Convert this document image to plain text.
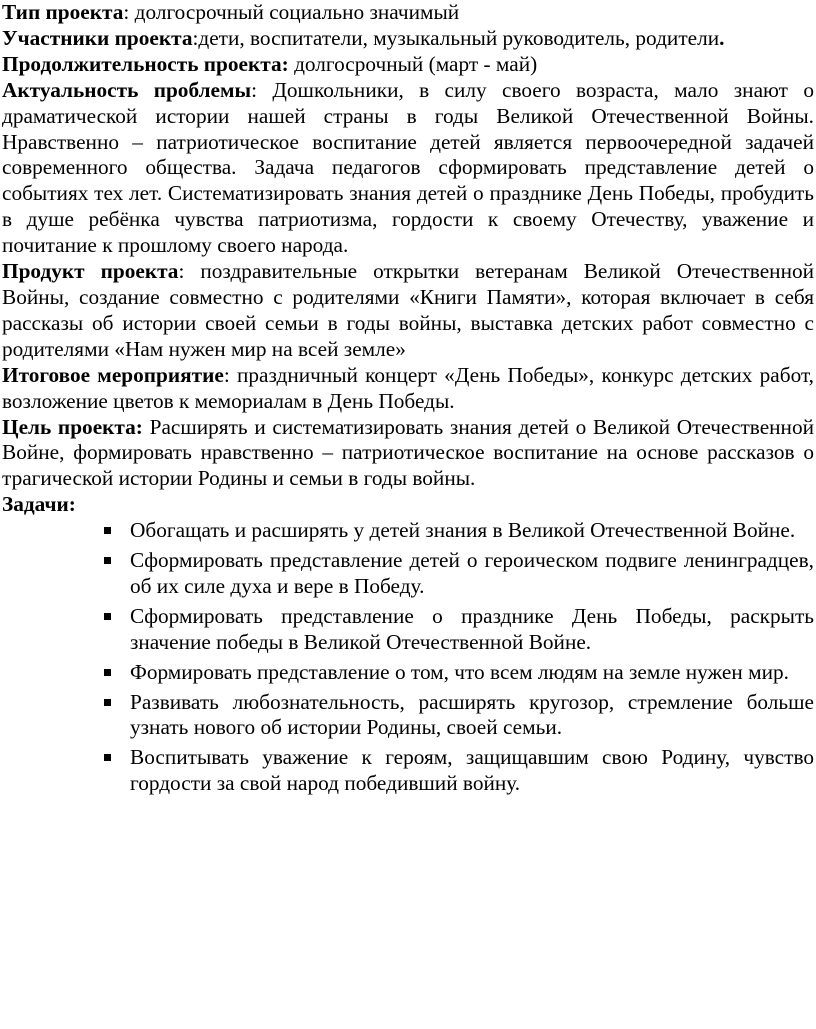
Тип проекта: долгосрочный социально значимый

Участники проекта:дети, воспитатели, музыкальный руководитель, родители.

Продолжительность проекта: долгосрочный (март - май)

Актуальность проблемы: Дошкольники, в силу своего возраста, мало знают о драматической истории нашей страны в годы Великой Отечественной Войны. Нравственно – патриотическое воспитание детей является первоочередной задачей современного общества. Задача педагогов сформировать представление детей о событиях тех лет. Систематизировать знания детей о празднике День Победы, пробудить в душе ребёнка чувства патриотизма, гордости к своему Отечеству, уважение и почитание к прошлому своего народа.

Продукт проекта: поздравительные открытки ветеранам Великой Отечественной Войны, создание совместно с родителями «Книги Памяти», которая включает в себя рассказы об истории своей семьи в годы войны, выставка детских работ совместно с родителями «Нам нужен мир на всей земле»

Итоговое мероприятие: праздничный концерт «День Победы», конкурс детских работ, возложение цветов к мемориалам в День Победы.

Цель проекта: Расширять и систематизировать знания детей о Великой Отечественной Войне, формировать нравственно – патриотическое воспитание на основе рассказов о трагической истории Родины и семьи в годы войны.

Задачи:

Обогащать и расширять у детей знания в Великой Отечественной Войне.
Сформировать представление детей о героическом подвиге ленинградцев, об их силе духа и вере в Победу.
Сформировать представление о празднике День Победы, раскрыть значение победы в Великой Отечественной Войне.
Формировать представление о том, что всем людям на земле нужен мир.
Развивать любознательность, расширять кругозор, стремление больше узнать нового об истории Родины, своей семьи.
Воспитывать уважение к героям, защищавшим свою Родину, чувство гордости за свой народ победивший войну.
